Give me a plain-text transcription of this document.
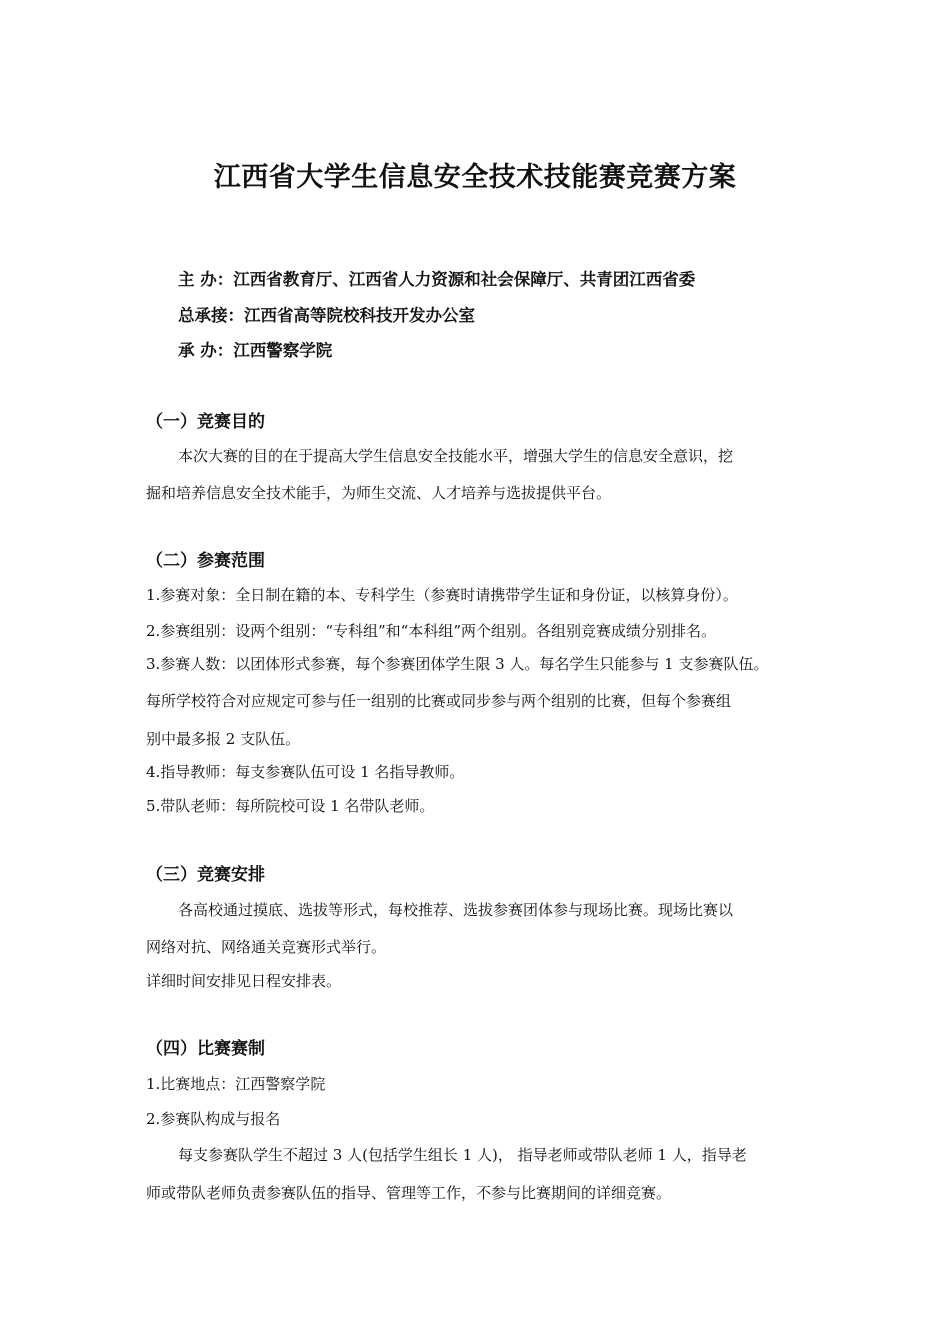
江西省大学生信息安全技术技能赛竞赛方案
主 办：江西省教育厅、江西省人力资源和社会保障厅、共青团江西省委
总承接：江西省高等院校科技开发办公室
承 办：江西警察学院
（一）竞赛目的
本次大赛的目的在于提高大学生信息安全技能水平，增强大学生的信息安全意识，挖
掘和培养信息安全技术能手，为师生交流、人才培养与选拔提供平台。
（二）参赛范围
1.参赛对象：全日制在籍的本、专科学生（参赛时请携带学生证和身份证，以核算身份）。
2.参赛组别：设两个组别：“专科组”和“本科组”两个组别。各组别竞赛成绩分别排名。
3.参赛人数：以团体形式参赛，每个参赛团体学生限 3 人。每名学生只能参与 1 支参赛队伍。
每所学校符合对应规定可参与任一组别的比赛或同步参与两个组别的比赛，但每个参赛组
别中最多报 2 支队伍。
4.指导教师：每支参赛队伍可设 1 名指导教师。
5.带队老师：每所院校可设 1 名带队老师。
（三）竞赛安排
各高校通过摸底、选拔等形式，每校推荐、选拔参赛团体参与现场比赛。现场比赛以
网络对抗、网络通关竞赛形式举行。
详细时间安排见日程安排表。
（四）比赛赛制
1.比赛地点：江西警察学院
2.参赛队构成与报名
每支参赛队学生不超过 3 人(包括学生组长 1 人)， 指导老师或带队老师 1 人，指导老
师或带队老师负责参赛队伍的指导、管理等工作，不参与比赛期间的详细竞赛。
